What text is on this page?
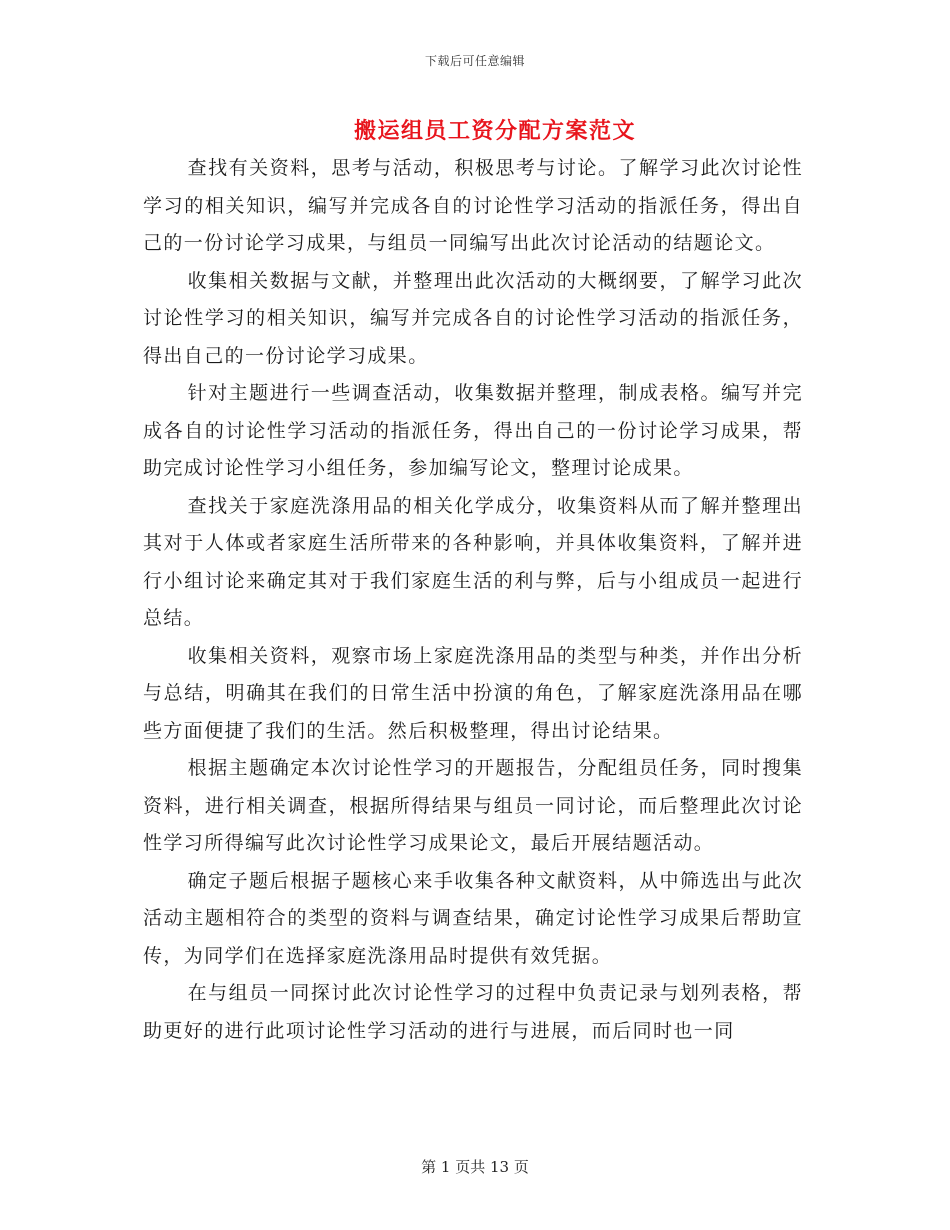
下载后可任意编辑
搬运组员工资分配方案范文

查找有关资料，思考与活动，积极思考与讨论。了解学习此次讨论性学习的相关知识，编写并完成各自的讨论性学习活动的指派任务，得出自己的一份讨论学习成果，与组员一同编写出此次讨论活动的结题论文。

收集相关数据与文献，并整理出此次活动的大概纲要，了解学习此次讨论性学习的相关知识，编写并完成各自的讨论性学习活动的指派任务，得出自己的一份讨论学习成果。

针对主题进行一些调查活动，收集数据并整理，制成表格。编写并完成各自的讨论性学习活动的指派任务，得出自己的一份讨论学习成果，帮助完成讨论性学习小组任务，参加编写论文，整理讨论成果。

查找关于家庭洗涤用品的相关化学成分，收集资料从而了解并整理出其对于人体或者家庭生活所带来的各种影响，并具体收集资料，了解并进行小组讨论来确定其对于我们家庭生活的利与弊，后与小组成员一起进行总结。

收集相关资料，观察市场上家庭洗涤用品的类型与种类，并作出分析与总结，明确其在我们的日常生活中扮演的角色，了解家庭洗涤用品在哪些方面便捷了我们的生活。然后积极整理，得出讨论结果。

根据主题确定本次讨论性学习的开题报告，分配组员任务，同时搜集资料，进行相关调查，根据所得结果与组员一同讨论，而后整理此次讨论性学习所得编写此次讨论性学习成果论文，最后开展结题活动。

确定子题后根据子题核心来手收集各种文献资料，从中筛选出与此次活动主题相符合的类型的资料与调查结果，确定讨论性学习成果后帮助宣传，为同学们在选择家庭洗涤用品时提供有效凭据。

在与组员一同探讨此次讨论性学习的过程中负责记录与划列表格，帮助更好的进行此项讨论性学习活动的进行与进展，而后同时也一同

第 1 页共 13 页
